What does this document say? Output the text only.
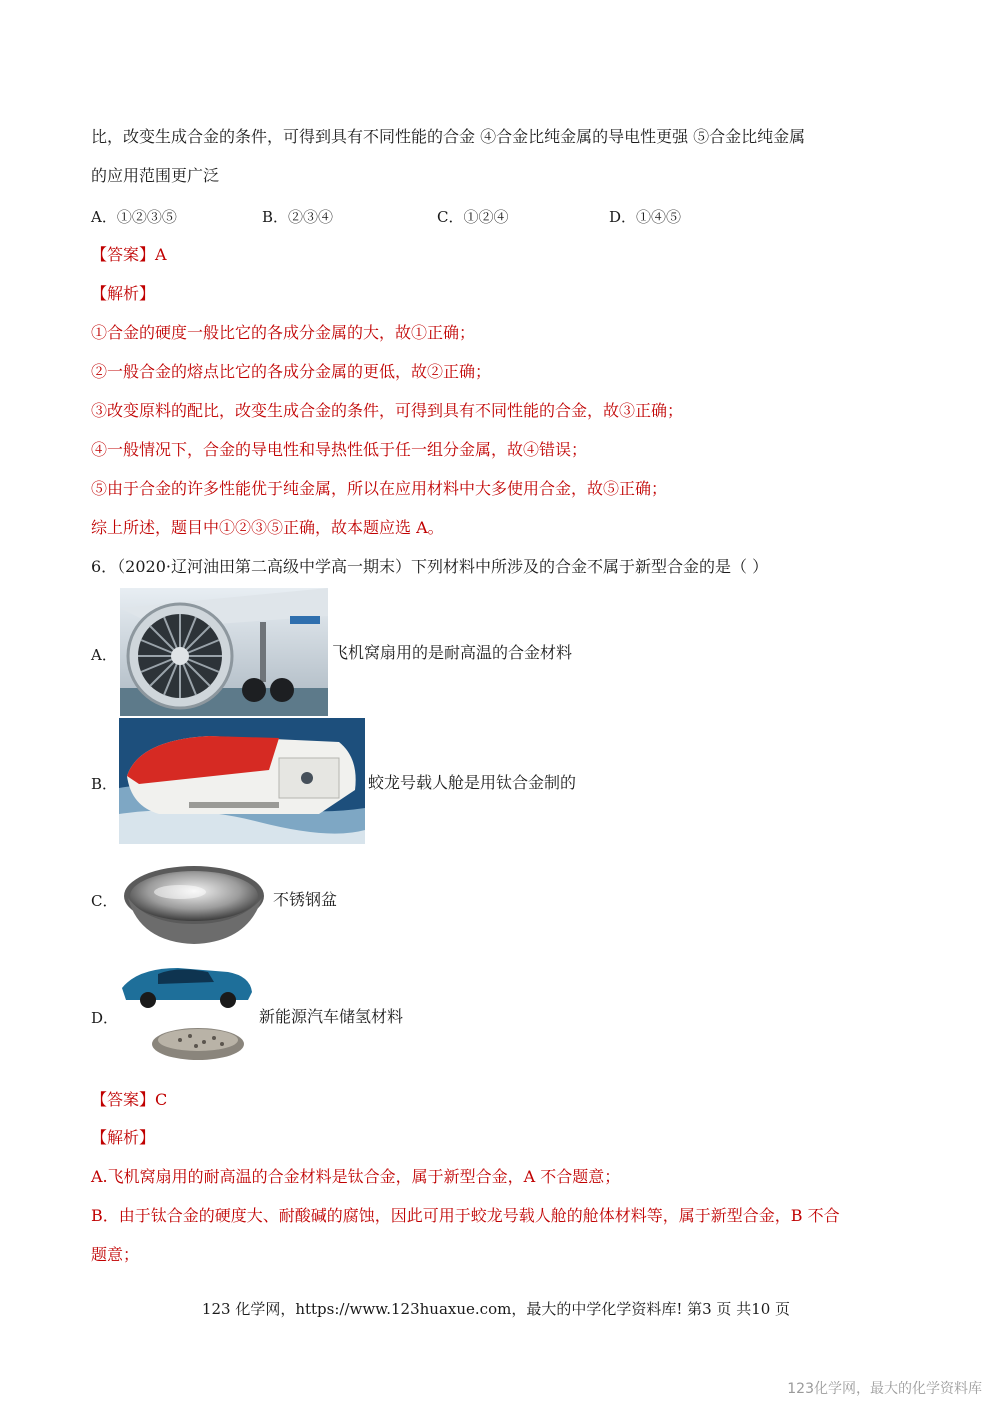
比，改变生成合金的条件，可得到具有不同性能的合金 ④合金比纯金属的导电性更强 ⑤合金比纯金属
的应用范围更广泛
A．①②③⑤	B．②③④	C．①②④	D．①④⑤
【答案】A
【解析】
①合金的硬度一般比它的各成分金属的大，故①正确；
②一般合金的熔点比它的各成分金属的更低，故②正确；
③改变原料的配比，改变生成合金的条件，可得到具有不同性能的合金，故③正确；
④一般情况下，合金的导电性和导热性低于任一组分金属，故④错误；
⑤由于合金的许多性能优于纯金属，所以在应用材料中大多使用合金，故⑤正确；
综上所述，题目中①②③⑤正确，故本题应选 A。
6．（2020·辽河油田第二高级中学高一期末）下列材料中所涉及的合金不属于新型合金的是（ ）
A．	飞机窝扇用的是耐高温的合金材料
B．	蛟龙号载人舱是用钛合金制的
C．	不锈钢盆
D．	新能源汽车储氢材料
【答案】C
【解析】
A.飞机窝扇用的耐高温的合金材料是钛合金，属于新型合金，A 不合题意；
B．由于钛合金的硬度大、耐酸碱的腐蚀，因此可用于蛟龙号载人舱的舱体材料等，属于新型合金，B 不合
题意；
123 化学网，https://www.123huaxue.com，最大的中学化学资料库! 第3 页 共10 页
123化学网，最大的化学资料库
